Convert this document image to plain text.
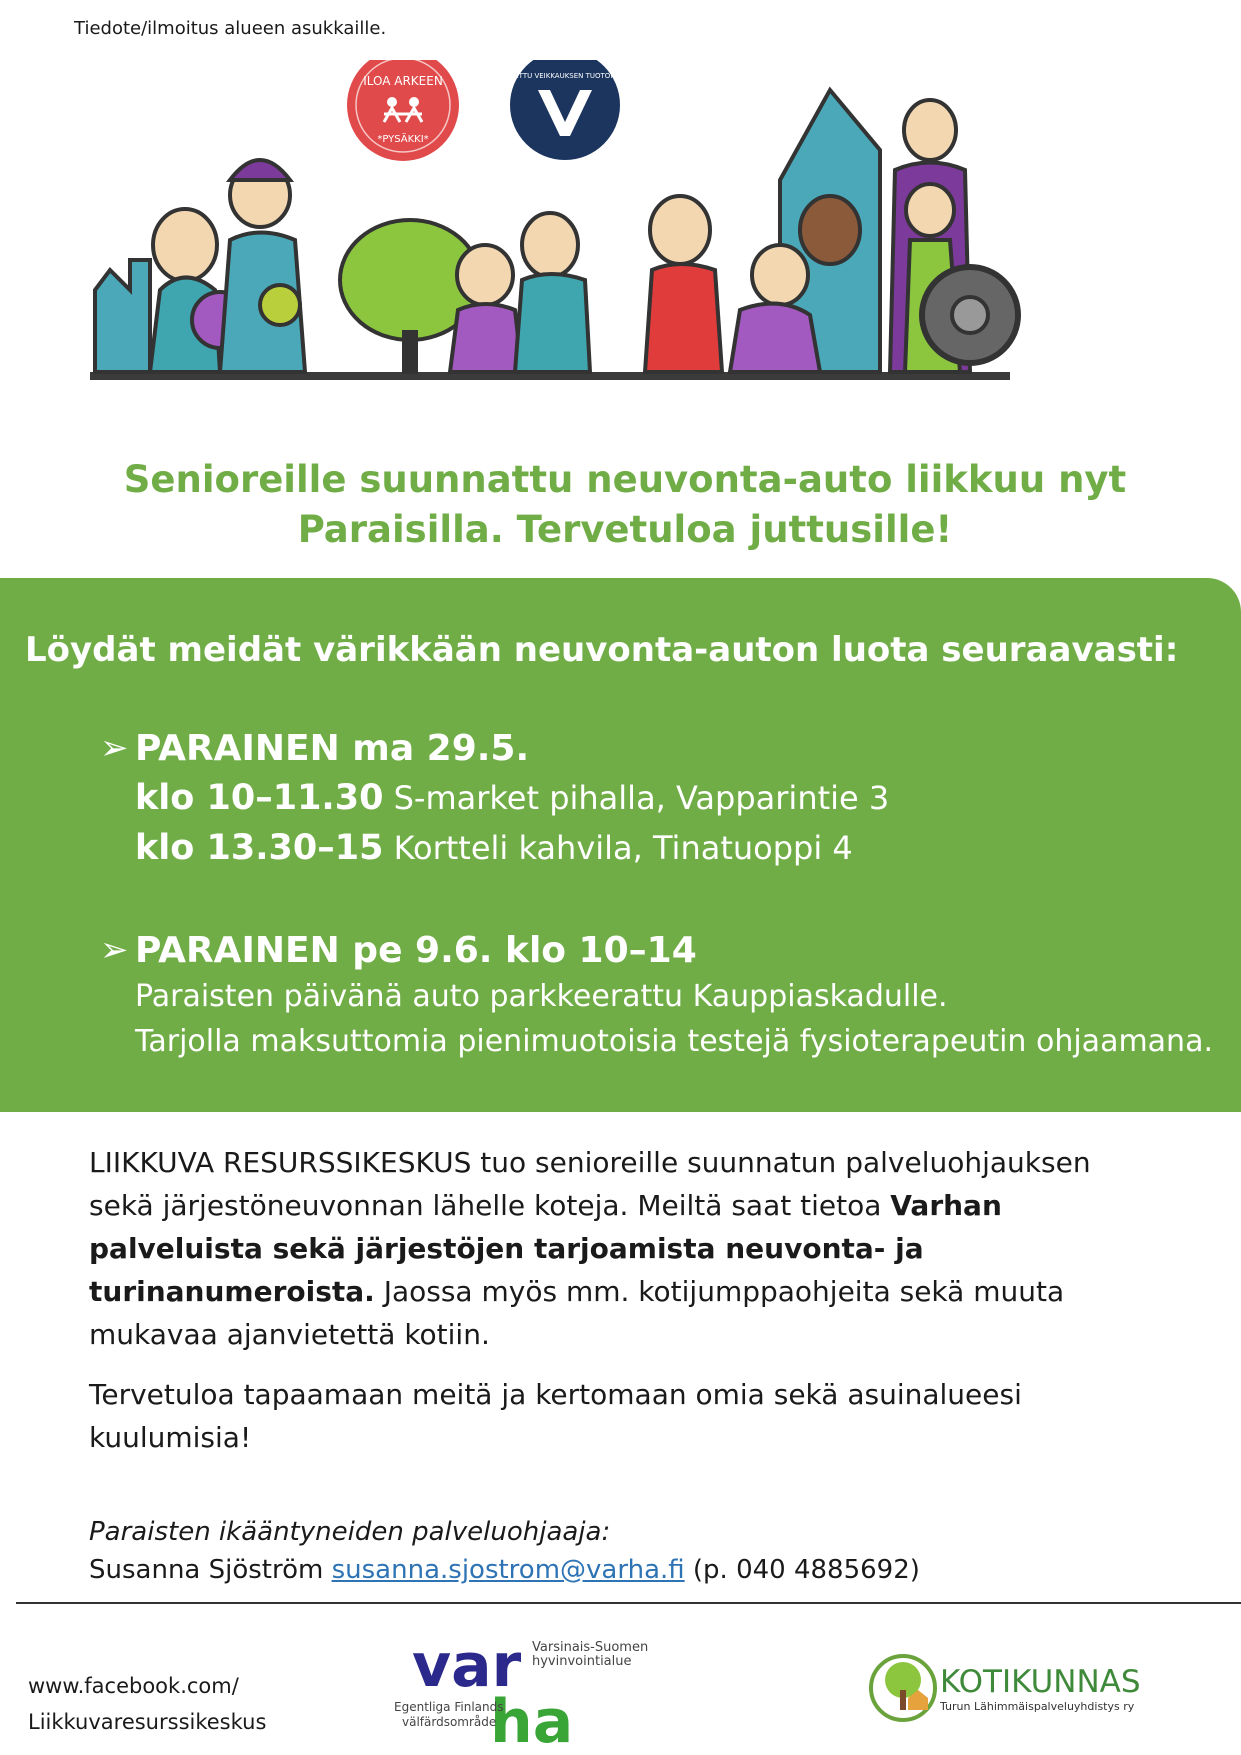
Tiedote/ilmoitus alueen asukkaille.
ILOA ARKEEN
*PYSÄKKI*
TUETTU VEIKKAUKSEN TUOTOILLA
Senioreille suunnattu neuvonta-auto liikkuu nyt
Paraisilla. Tervetuloa juttusille!
Löydät meidät värikkään neuvonta-auton luota seuraavasti:
➢ PARAINEN ma 29.5.
klo 10–11.30 S-market pihalla, Vapparintie 3
klo 13.30–15 Kortteli kahvila, Tinatuoppi 4
➢ PARAINEN pe 9.6. klo 10–14
Paraisten päivänä auto parkkeerattu Kauppiaskadulle.
Tarjolla maksuttomia pienimuotoisia testejä fysioterapeutin ohjaamana.

LIIKKUVA RESURSSIKESKUS tuo senioreille suunnatun palveluohjauksen sekä järjestöneuvonnan lähelle koteja. Meiltä saat tietoa Varhan palveluista sekä järjestöjen tarjoamista neuvonta- ja turinanumeroista. Jaossa myös mm. kotijumppaohjeita sekä muuta mukavaa ajanvietettä kotiin.

Tervetuloa tapaamaan meitä ja kertomaan omia sekä asuinalueesi kuulumisia!

Paraisten ikääntyneiden palveluohjaaja:
Susanna Sjöström susanna.sjostrom@varha.fi (p. 040 4885692)
www.facebook.com/
Liikkuvaresurssikeskus
var
ha
Varsinais-Suomen
hyvinvointialue
Egentliga Finlands
välfärdsområde
KOTIKUNNAS
Turun Lähimmäispalveluyhdistys ry
